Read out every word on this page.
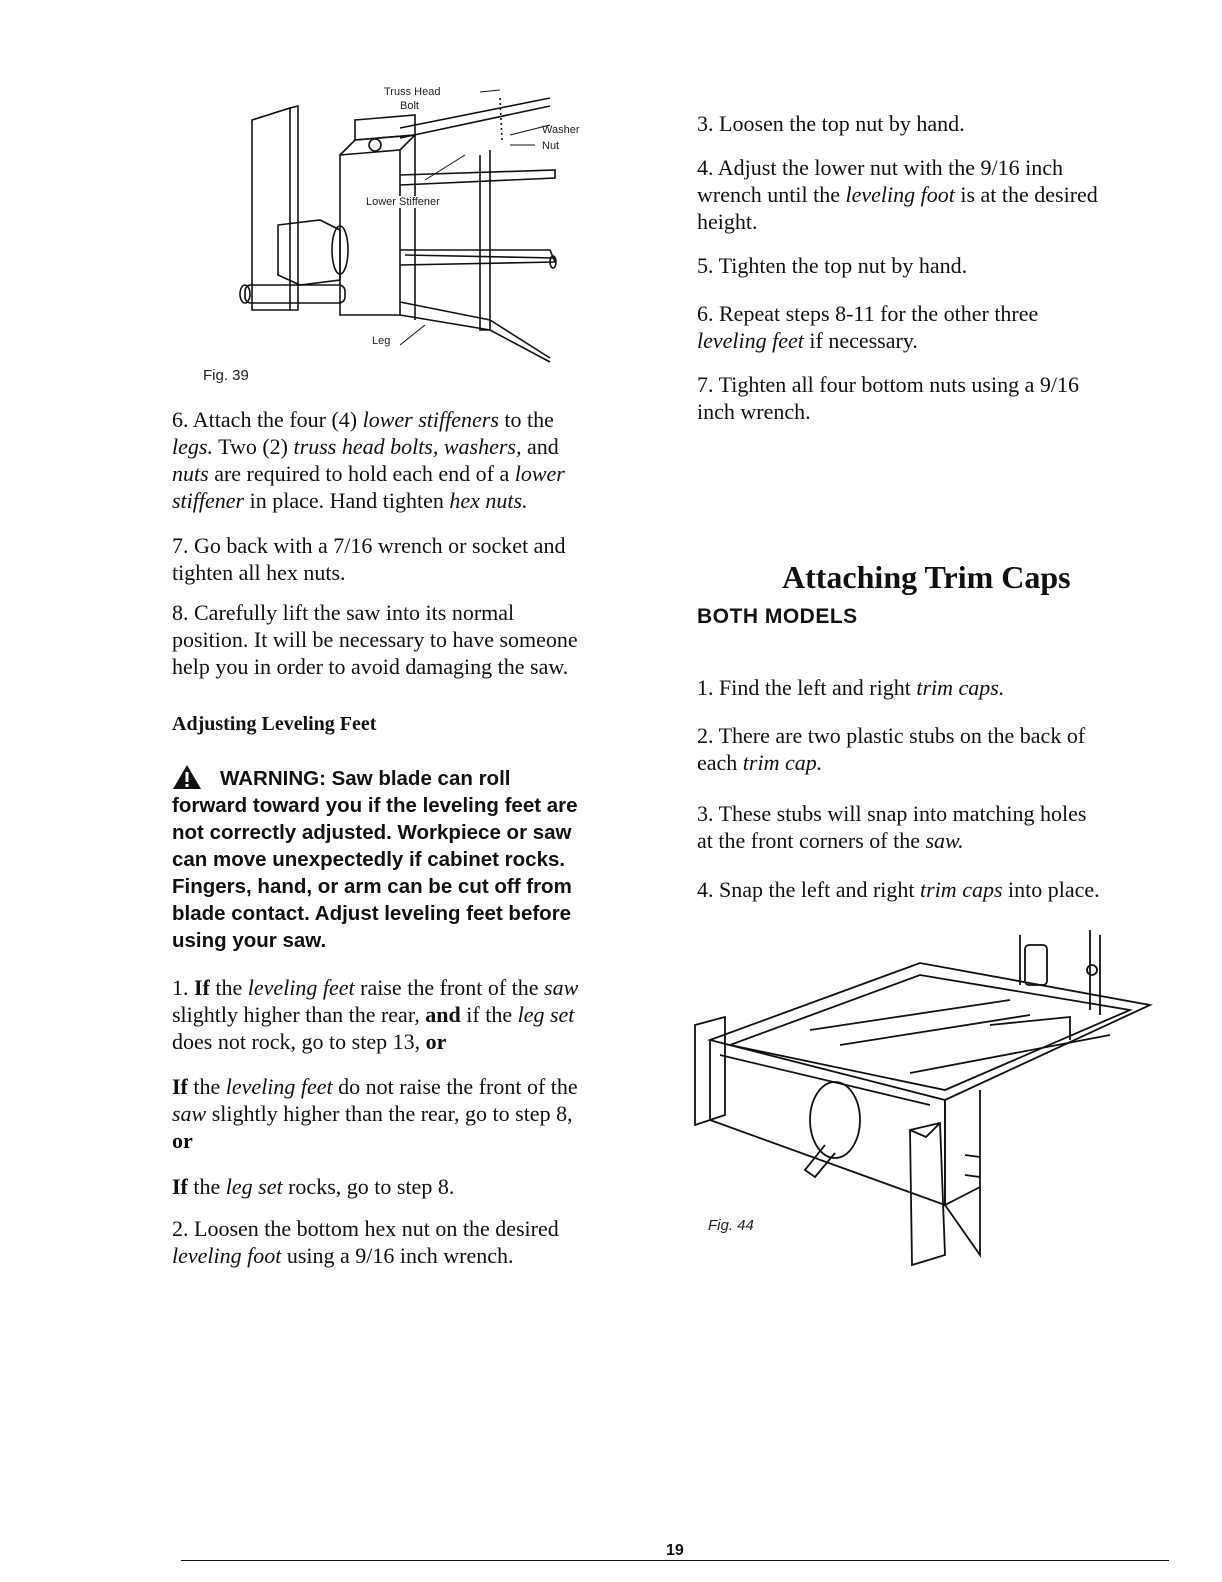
Truss Head
Bolt
Washer
Nut
Lower Stiffener
Leg
Fig. 39

6. Attach the four (4) lower stiffeners to the
legs. Two (2) truss head bolts, washers, and
nuts are required to hold each end of a lower
stiffener in place. Hand tighten hex nuts.

7. Go back with a 7/16 wrench or socket and
tighten all hex nuts.

8. Carefully lift the saw into its normal
position. It will be necessary to have someone
help you in order to avoid damaging the saw.

Adjusting Leveling Feet
WARNING: Saw blade can roll
forward toward you if the leveling feet are
not correctly adjusted. Workpiece or saw
can move unexpectedly if cabinet rocks.
Fingers, hand, or arm can be cut off from
blade contact. Adjust leveling feet before
using your saw.

1. If the leveling feet raise the front of the saw
slightly higher than the rear, and if the leg set
does not rock, go to step 13, or

If the leveling feet do not raise the front of the
saw slightly higher than the rear, go to step 8,
or

If the leg set rocks, go to step 8.

2. Loosen the bottom hex nut on the desired
leveling foot using a 9/16 inch wrench.

3. Loosen the top nut by hand.

4. Adjust the lower nut with the 9/16 inch
wrench until the leveling foot is at the desired
height.

5. Tighten the top nut by hand.

6. Repeat steps 8-11 for the other three
leveling feet if necessary.

7. Tighten all four bottom nuts using a 9/16
inch wrench.

Attaching Trim Caps
BOTH MODELS

1. Find the left and right trim caps.

2. There are two plastic stubs on the back of
each trim cap.

3. These stubs will snap into matching holes
at the front corners of the saw.

4. Snap the left and right trim caps into place.

Fig. 44
19
